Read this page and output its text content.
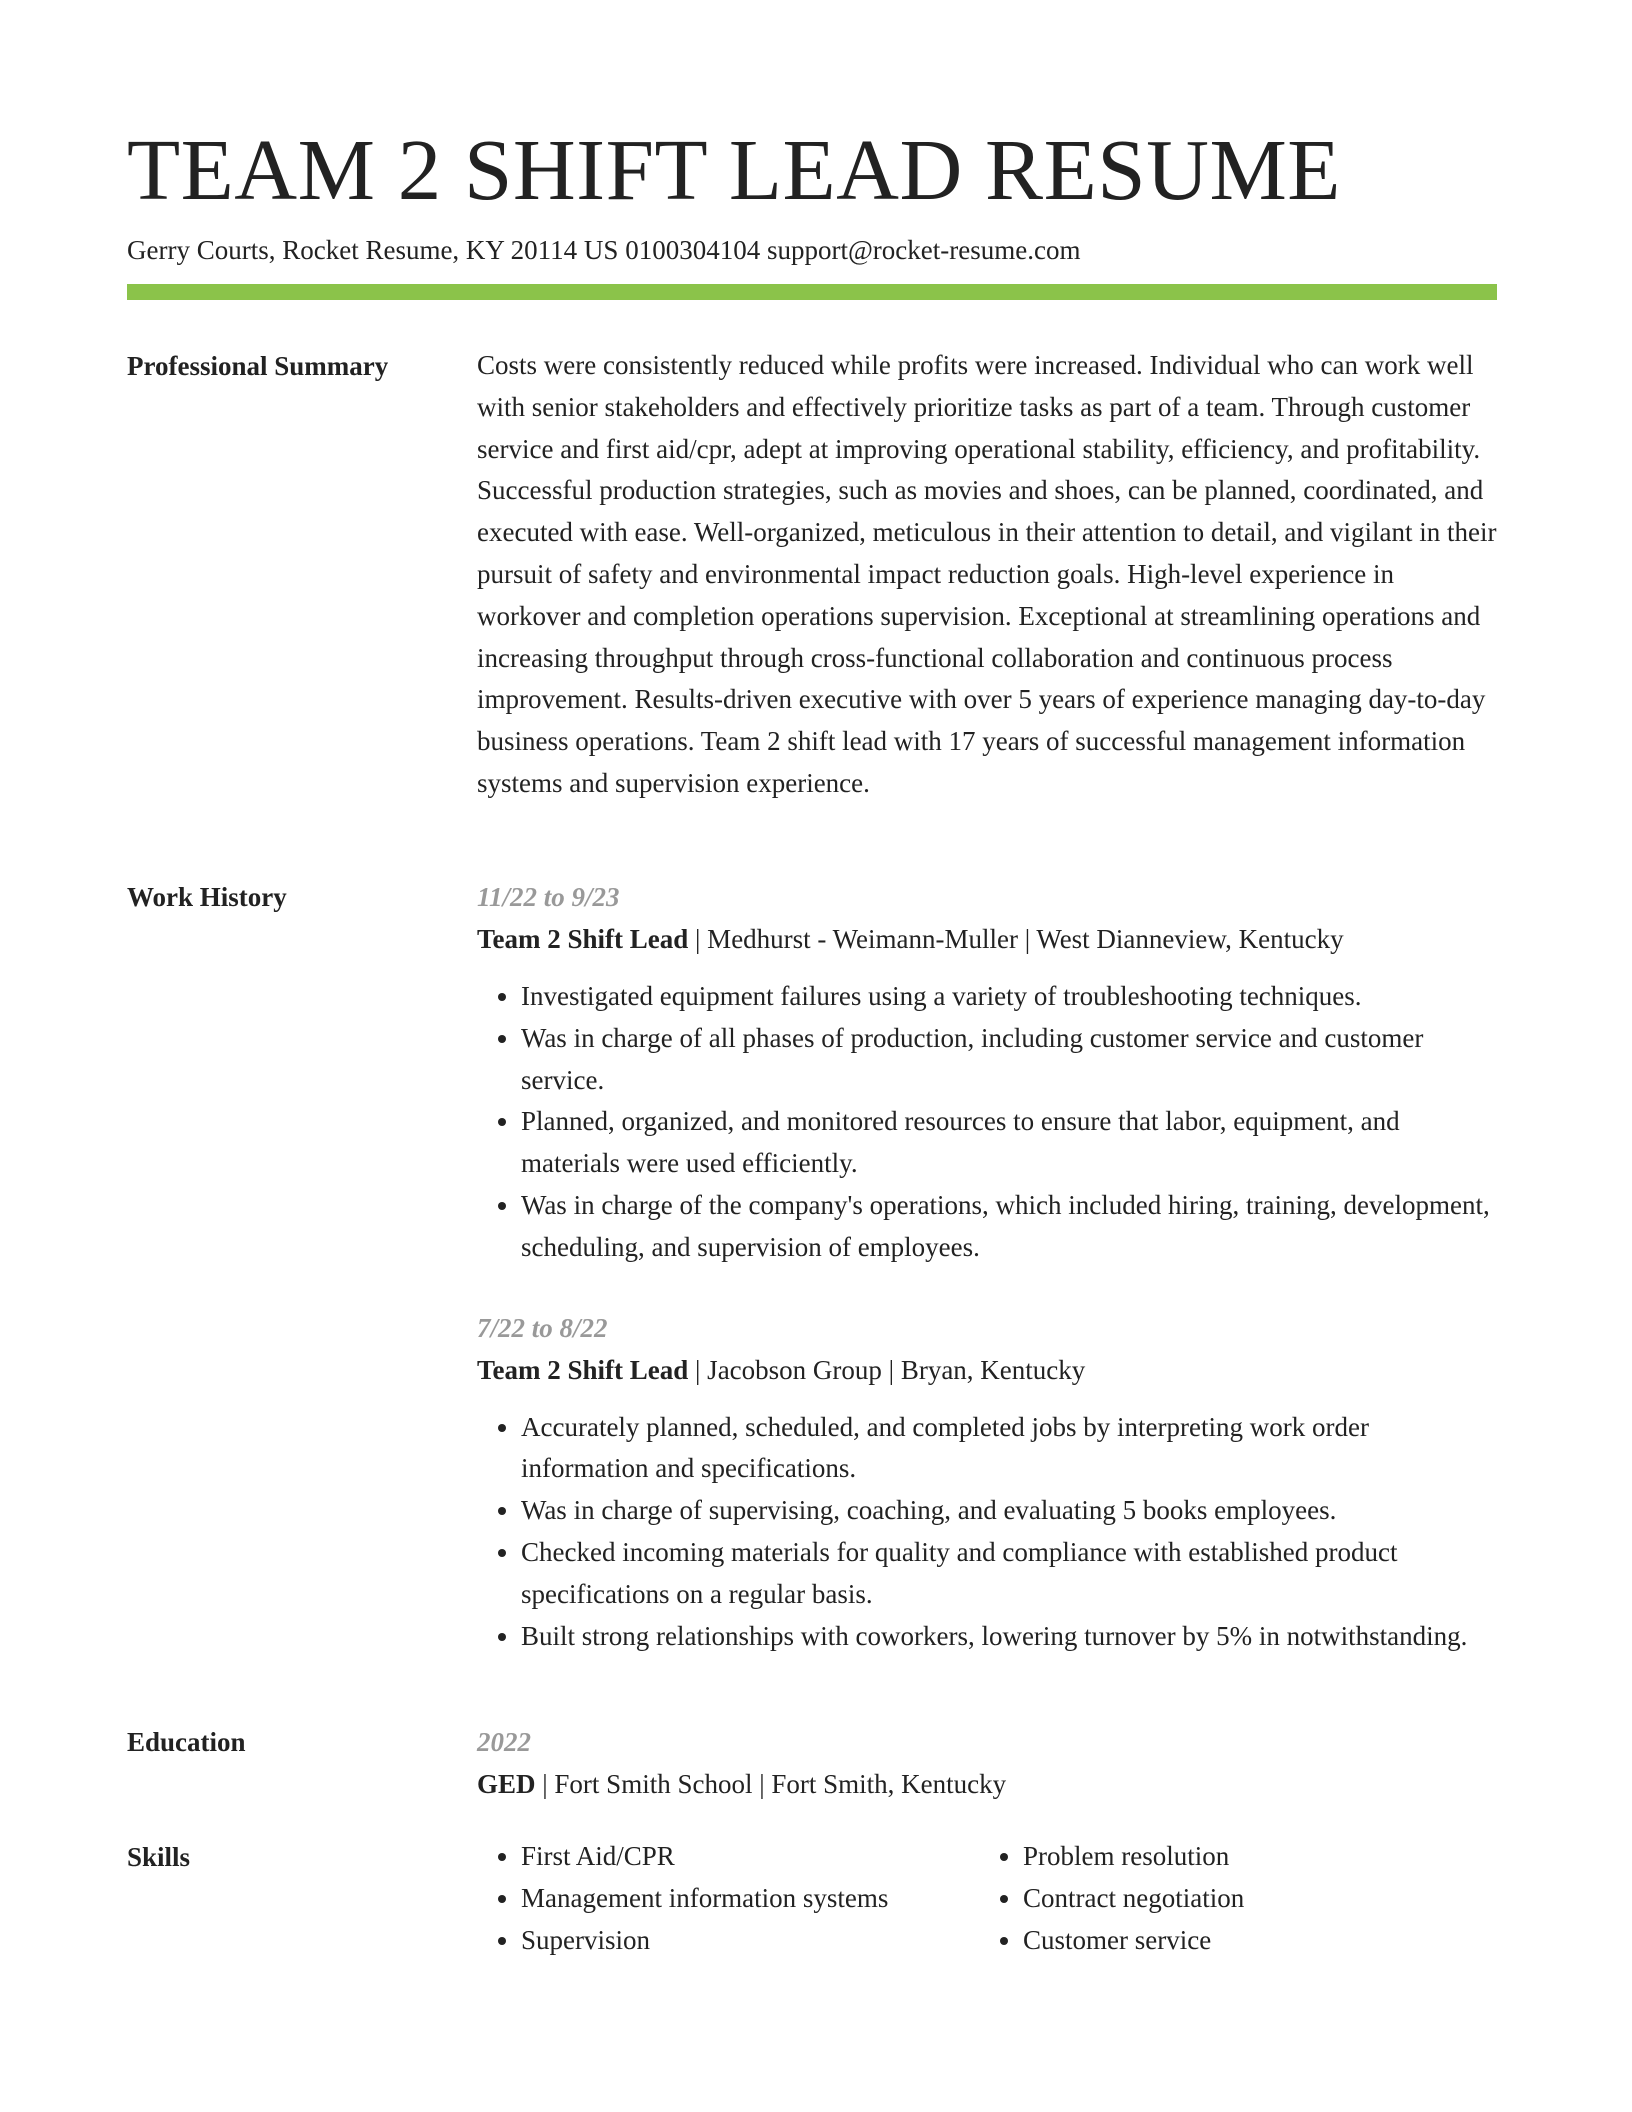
TEAM 2 SHIFT LEAD RESUME
Gerry Courts, Rocket Resume, KY 20114 US 0100304104 support@rocket-resume.com
Professional Summary	Costs were consistently reduced while profits were increased. Individual who can work well with senior stakeholders and effectively prioritize tasks as part of a team. Through customer service and first aid/cpr, adept at improving operational stability, efficiency, and profitability. Successful production strategies, such as movies and shoes, can be planned, coordinated, and executed with ease. Well-organized, meticulous in their attention to detail, and vigilant in their pursuit of safety and environmental impact reduction goals. High-level experience in workover and completion operations supervision. Exceptional at streamlining operations and increasing throughput through cross-functional collaboration and continuous process improvement. Results-driven executive with over 5 years of experience managing day-to-day business operations. Team 2 shift lead with 17 years of successful management information systems and supervision experience.

Work History	11/22 to 9/23
Team 2 Shift Lead | Medhurst - Weimann-Muller | West Dianneview, Kentucky
• Investigated equipment failures using a variety of troubleshooting techniques.
• Was in charge of all phases of production, including customer service and customer service.
• Planned, organized, and monitored resources to ensure that labor, equipment, and materials were used efficiently.
• Was in charge of the company's operations, which included hiring, training, development, scheduling, and supervision of employees.
7/22 to 8/22
Team 2 Shift Lead | Jacobson Group | Bryan, Kentucky
• Accurately planned, scheduled, and completed jobs by interpreting work order information and specifications.
• Was in charge of supervising, coaching, and evaluating 5 books employees.
• Checked incoming materials for quality and compliance with established product specifications on a regular basis.
• Built strong relationships with coworkers, lowering turnover by 5% in notwithstanding.
Education	2022
GED | Fort Smith School | Fort Smith, Kentucky
Skills
•	First Aid/CPR
• Management information systems
• Supervision
• Problem resolution
• Contract negotiation
• Customer service
